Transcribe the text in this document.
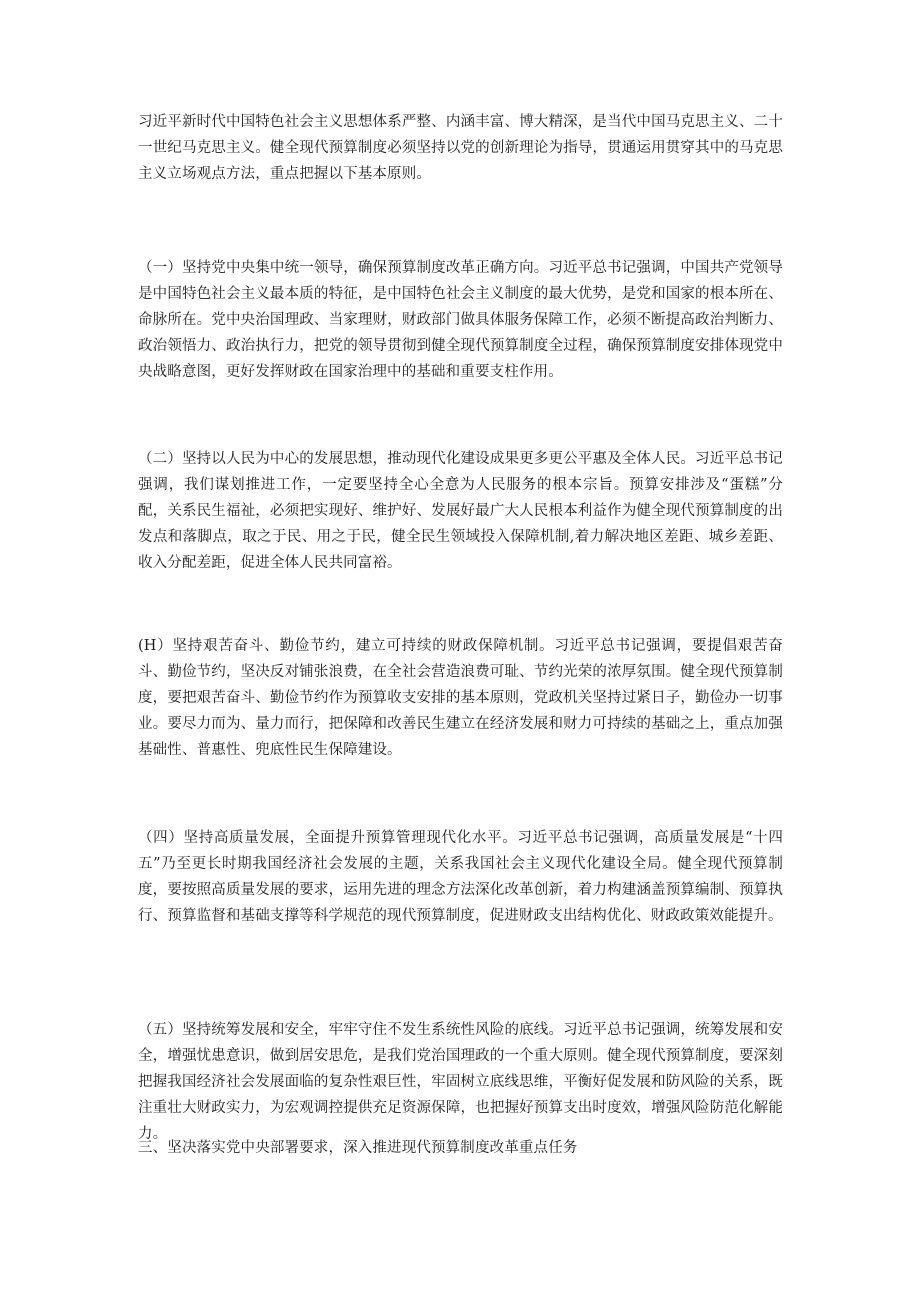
习近平新时代中国特色社会主义思想体系严整、内涵丰富、博大精深，是当代中国马克思主义、二十一世纪马克思主义。健全现代预算制度必须坚持以党的创新理论为指导，贯通运用贯穿其中的马克思主义立场观点方法，重点把握以下基本原则。

（一）坚持党中央集中统一领导，确保预算制度改革正确方向。习近平总书记强调，中国共产党领导是中国特色社会主义最本质的特征，是中国特色社会主义制度的最大优势，是党和国家的根本所在、命脉所在。党中央治国理政、当家理财，财政部门做具体服务保障工作，必须不断提高政治判断力、政治领悟力、政治执行力，把党的领导贯彻到健全现代预算制度全过程，确保预算制度安排体现党中央战略意图，更好发挥财政在国家治理中的基础和重要支柱作用。

（二）坚持以人民为中心的发展思想，推动现代化建设成果更多更公平惠及全体人民。习近平总书记强调，我们谋划推进工作，一定要坚持全心全意为人民服务的根本宗旨。预算安排涉及“蛋糕”分配，关系民生福祉，必须把实现好、维护好、发展好最广大人民根本利益作为健全现代预算制度的出发点和落脚点，取之于民、用之于民，健全民生领域投入保障机制,着力解决地区差距、城乡差距、收入分配差距，促进全体人民共同富裕。

(H）坚持艰苦奋斗、勤俭节约，建立可持续的财政保障机制。习近平总书记强调，要提倡艰苦奋斗、勤俭节约，坚决反对铺张浪费，在全社会营造浪费可耻、节约光荣的浓厚氛围。健全现代预算制度，要把艰苦奋斗、勤俭节约作为预算收支安排的基本原则，党政机关坚持过紧日子，勤俭办一切事业。要尽力而为、量力而行，把保障和改善民生建立在经济发展和财力可持续的基础之上，重点加强基础性、普惠性、兜底性民生保障建设。

（四）坚持高质量发展，全面提升预算管理现代化水平。习近平总书记强调，高质量发展是“十四五”乃至更长时期我国经济社会发展的主题，关系我国社会主义现代化建设全局。健全现代预算制度，要按照高质量发展的要求，运用先进的理念方法深化改革创新，着力构建涵盖预算编制、预算执行、预算监督和基础支撑等科学规范的现代预算制度，促进财政支出结构优化、财政政策效能提升。

（五）坚持统筹发展和安全，牢牢守住不发生系统性风险的底线。习近平总书记强调，统筹发展和安全，增强忧患意识，做到居安思危，是我们党治国理政的一个重大原则。健全现代预算制度，要深刻把握我国经济社会发展面临的复杂性艰巨性，牢固树立底线思维，平衡好促发展和防风险的关系，既注重壮大财政实力，为宏观调控提供充足资源保障，也把握好预算支出时度效，增强风险防范化解能力。

三、坚决落实党中央部署要求，深入推进现代预算制度改革重点任务
